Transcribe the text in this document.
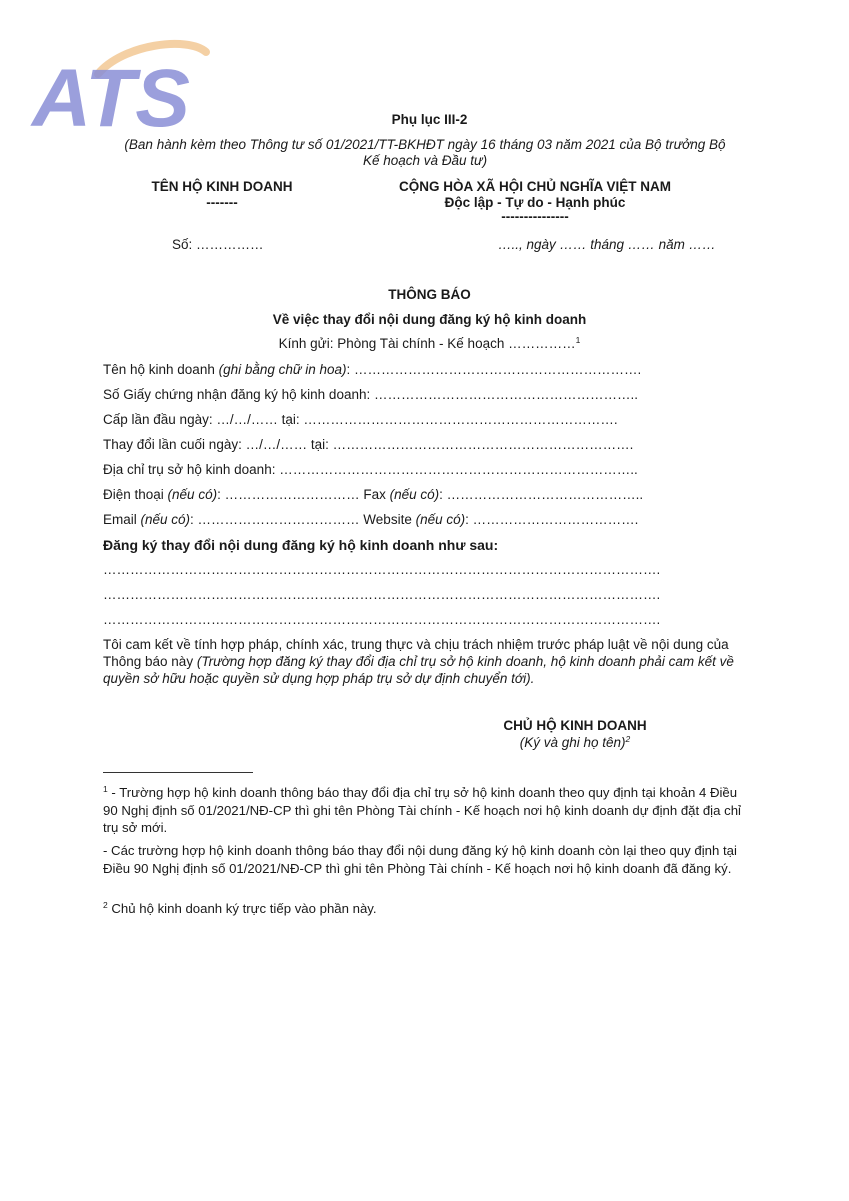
ATS	Phụ lục III-2
(Ban hành kèm theo Thông tư số 01/2021/TT-BKHĐT ngày 16 tháng 03 năm 2021 của Bộ trưởng Bộ
Kế hoạch và Đầu tư)
TÊN HỘ KINH DOANH
-------
CỘNG HÒA XÃ HỘI CHỦ NGHĨA VIỆT NAM
Độc lập - Tự do - Hạnh phúc
---------------
Số: ……………	….., ngày …… tháng …… năm ……
THÔNG BÁO
Về việc thay đổi nội dung đăng ký hộ kinh doanh
Kính gửi: Phòng Tài chính - Kế hoạch ……………$^1$
Tên hộ kinh doanh (ghi bằng chữ in hoa): ……………………………………………………….
Số Giấy chứng nhận đăng ký hộ kinh doanh: …………………………………………………..
Cấp lần đầu ngày: …/…/…… tại: …………………………………………………………….
Thay đổi lần cuối ngày: …/…/…… tại: ………………………………………………………….
Địa chỉ trụ sở hộ kinh doanh: ……………………………………………………………………..
Điện thoại (nếu có): ………………………… Fax (nếu có): ……………………………………..
Email (nếu có): ……………………………… Website (nếu có): ……………………………….
Đăng ký thay đổi nội dung đăng ký hộ kinh doanh như sau:
…………………………………………………………………………………………………………….
…………………………………………………………………………………………………………….
…………………………………………………………………………………………………………….
Tôi cam kết về tính hợp pháp, chính xác, trung thực và chịu trách nhiệm trước pháp luật về nội dung của Thông báo này (Trường hợp đăng ký thay đổi địa chỉ trụ sở hộ kinh doanh, hộ kinh doanh phải cam kết về quyền sở hữu hoặc quyền sử dụng hợp pháp trụ sở dự định chuyển tới).
CHỦ HỘ KINH DOANH
(Ký và ghi họ tên)$^2$
$^1$ - Trường hợp hộ kinh doanh thông báo thay đổi địa chỉ trụ sở hộ kinh doanh theo quy định tại khoản 4 Điều 90 Nghị định số 01/2021/NĐ-CP thì ghi tên Phòng Tài chính - Kế hoạch nơi hộ kinh doanh dự định đặt địa chỉ trụ sở mới.
- Các trường hợp hộ kinh doanh thông báo thay đổi nội dung đăng ký hộ kinh doanh còn lại theo quy định tại Điều 90 Nghị định số 01/2021/NĐ-CP thì ghi tên Phòng Tài chính - Kế hoạch nơi hộ kinh doanh đã đăng ký.
$^2$ Chủ hộ kinh doanh ký trực tiếp vào phần này.
